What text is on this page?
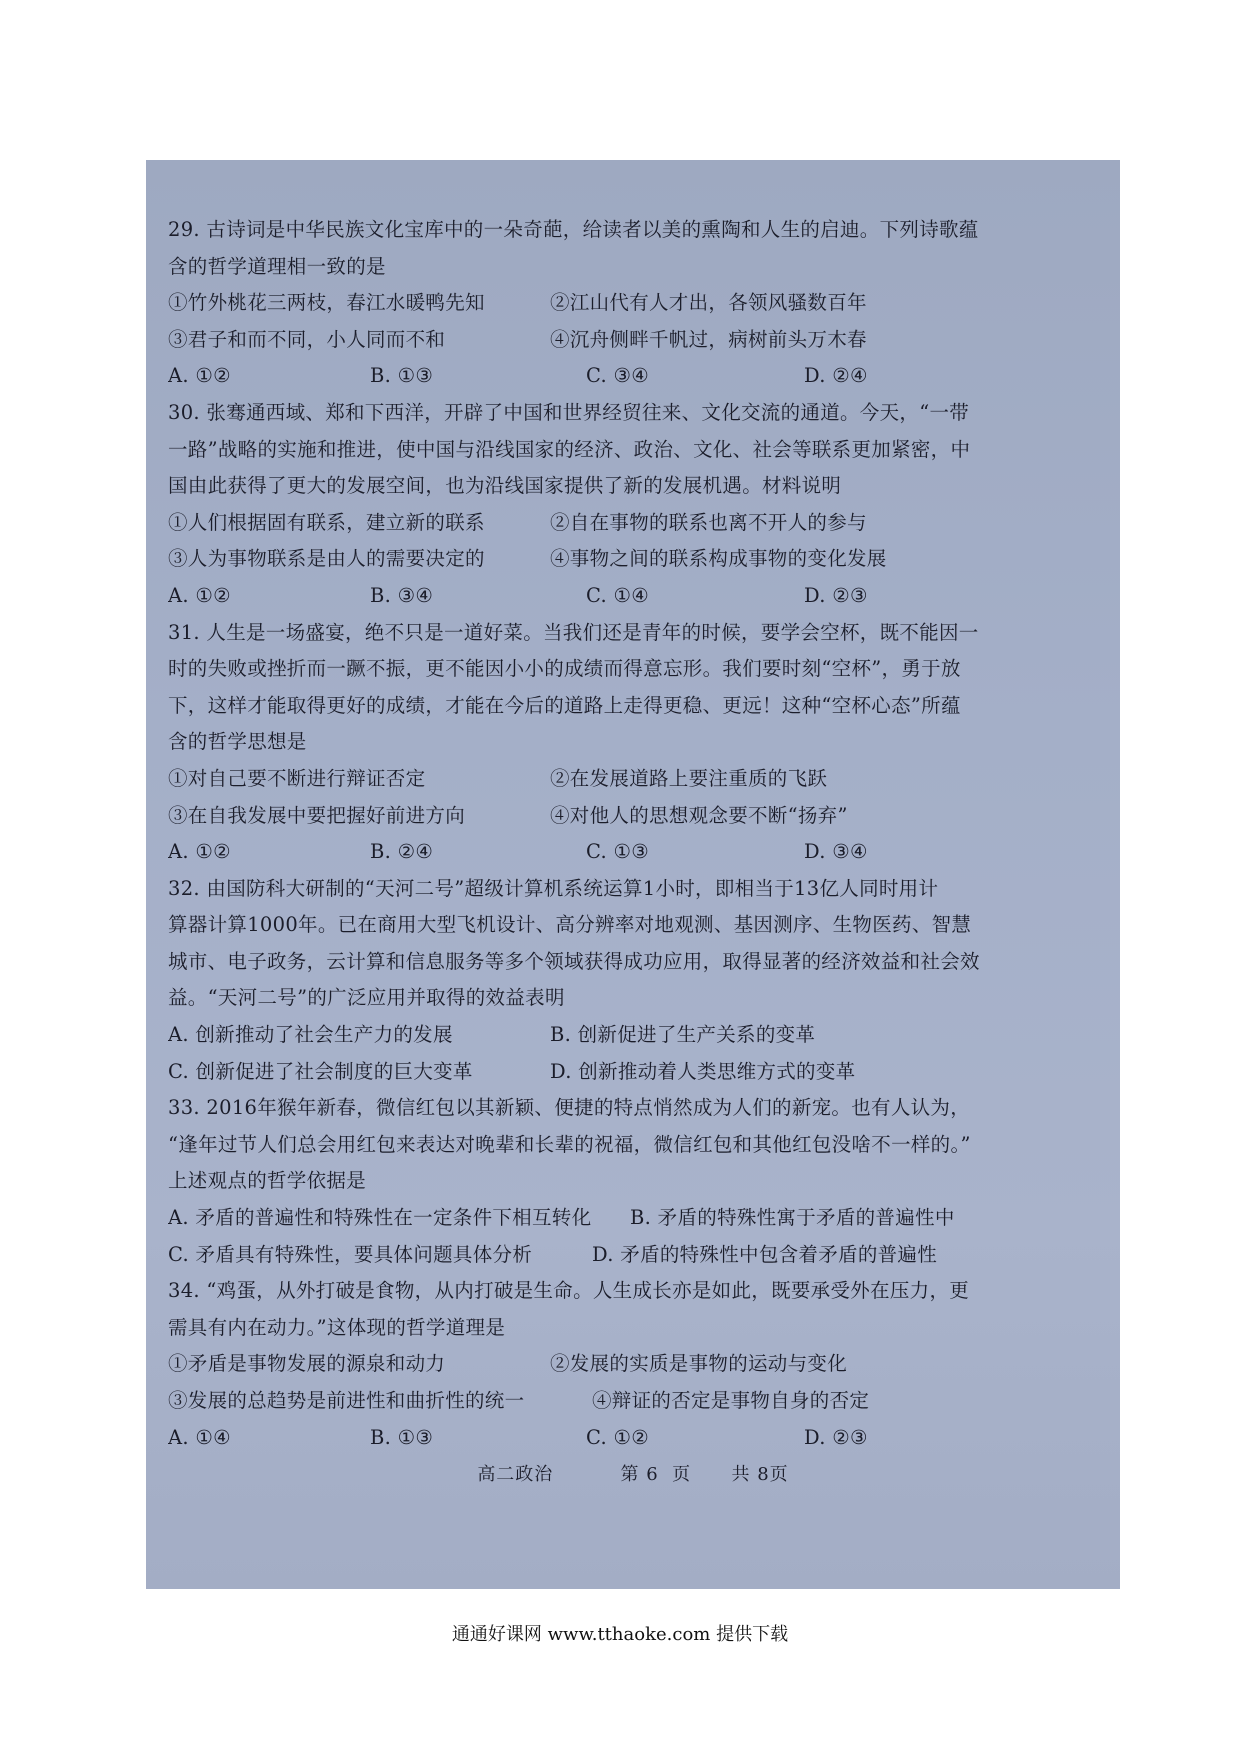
29. 古诗词是中华民族文化宝库中的一朵奇葩，给读者以美的熏陶和人生的启迪。下列诗歌蕴
含的哲学道理相一致的是
①竹外桃花三两枝，春江水暖鸭先知	②江山代有人才出，各领风骚数百年
③君子和而不同，小人同而不和	④沉舟侧畔千帆过，病树前头万木春
A. ①②	B. ①③	C. ③④	D. ②④
30. 张骞通西域、郑和下西洋，开辟了中国和世界经贸往来、文化交流的通道。今天，“一带
一路”战略的实施和推进，使中国与沿线国家的经济、政治、文化、社会等联系更加紧密，中
国由此获得了更大的发展空间，也为沿线国家提供了新的发展机遇。材料说明
①人们根据固有联系，建立新的联系	②自在事物的联系也离不开人的参与
③人为事物联系是由人的需要决定的	④事物之间的联系构成事物的变化发展
A. ①②	B. ③④	C. ①④	D. ②③
31. 人生是一场盛宴，绝不只是一道好菜。当我们还是青年的时候，要学会空杯，既不能因一
时的失败或挫折而一蹶不振，更不能因小小的成绩而得意忘形。我们要时刻“空杯”，勇于放
下，这样才能取得更好的成绩，才能在今后的道路上走得更稳、更远！这种“空杯心态”所蕴
含的哲学思想是
①对自己要不断进行辩证否定	②在发展道路上要注重质的飞跃
③在自我发展中要把握好前进方向	④对他人的思想观念要不断“扬弃”
A. ①②	B. ②④	C. ①③	D. ③④
32. 由国防科大研制的“天河二号”超级计算机系统运算1小时，即相当于13亿人同时用计
算器计算1000年。已在商用大型飞机设计、高分辨率对地观测、基因测序、生物医药、智慧
城市、电子政务，云计算和信息服务等多个领域获得成功应用，取得显著的经济效益和社会效
益。“天河二号”的广泛应用并取得的效益表明
A. 创新推动了社会生产力的发展	B. 创新促进了生产关系的变革
C. 创新促进了社会制度的巨大变革	D. 创新推动着人类思维方式的变革
33. 2016年猴年新春，微信红包以其新颖、便捷的特点悄然成为人们的新宠。也有人认为，
“逢年过节人们总会用红包来表达对晚辈和长辈的祝福，微信红包和其他红包没啥不一样的。”
上述观点的哲学依据是
A. 矛盾的普遍性和特殊性在一定条件下相互转化 B. 矛盾的特殊性寓于矛盾的普遍性中
C. 矛盾具有特殊性，要具体问题具体分析	D. 矛盾的特殊性中包含着矛盾的普遍性
34. “鸡蛋，从外打破是食物，从内打破是生命。人生成长亦是如此，既要承受外在压力，更
需具有内在动力。”这体现的哲学道理是
①矛盾是事物发展的源泉和动力	②发展的实质是事物的运动与变化
③发展的总趋势是前进性和曲折性的统一	④辩证的否定是事物自身的否定
A. ①④	B. ①③	C. ①②	D. ②③
高二政治	第 6  页 共 8页
通通好课网 www.tthaoke.com 提供下载
